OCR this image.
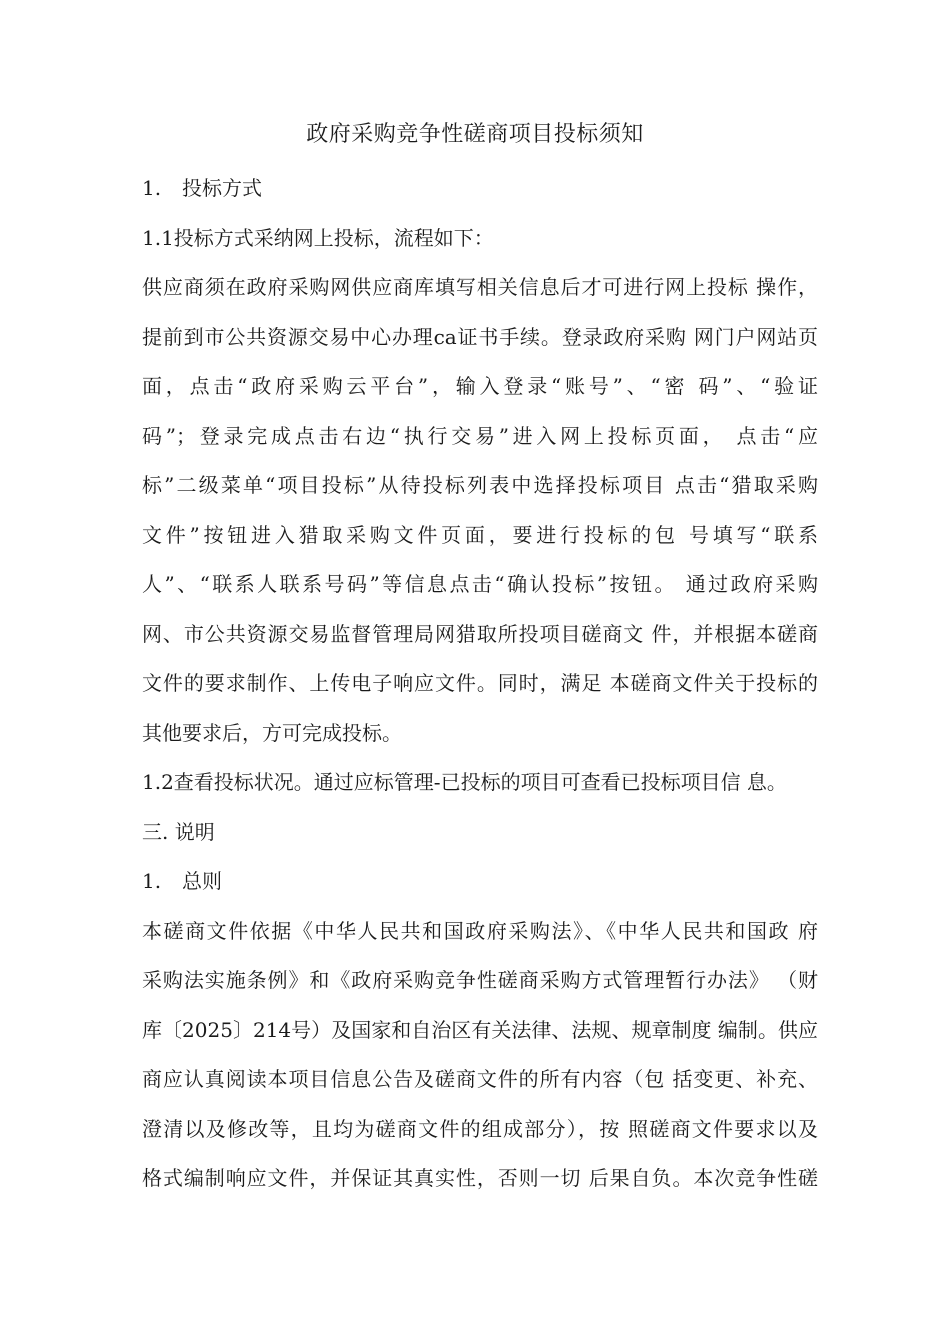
政府采购竞争性磋商项目投标须知
1. 投标方式
1.1投标方式采纳网上投标，流程如下：
供应商须在政府采购网供应商库填写相关信息后才可进行网上投标 操作，
提前到市公共资源交易中心办理ca证书手续。登录政府采购 网门户网站页
面，点击“政府采购云平台”，输入登录“账号”、“密 码”、“验证
码”；登录完成点击右边“执行交易”进入网上投标页面， 点击“应
标”二级菜单“项目投标”从待投标列表中选择投标项目 点击“猎取采购
文件”按钮进入猎取采购文件页面，要进行投标的包 号填写“联系
人”、“联系人联系号码”等信息点击“确认投标”按钮。 通过政府采购
网、市公共资源交易监督管理局网猎取所投项目磋商文 件，并根据本磋商
文件的要求制作、上传电子响应文件。同时，满足 本磋商文件关于投标的
其他要求后，方可完成投标。
1.2查看投标状况。通过应标管理-已投标的项目可查看已投标项目信 息。
三. 说明
1. 总则
本磋商文件依据《中华人民共和国政府采购法》、《中华人民共和国政 府
采购法实施条例》和《政府采购竞争性磋商采购方式管理暂行办法》 （财
库〔2025〕214号）及国家和自治区有关法律、法规、规章制度 编制。供应
商应认真阅读本项目信息公告及磋商文件的所有内容（包 括变更、补充、
澄清以及修改等，且均为磋商文件的组成部分），按 照磋商文件要求以及
格式编制响应文件，并保证其真实性，否则一切 后果自负。本次竞争性磋
